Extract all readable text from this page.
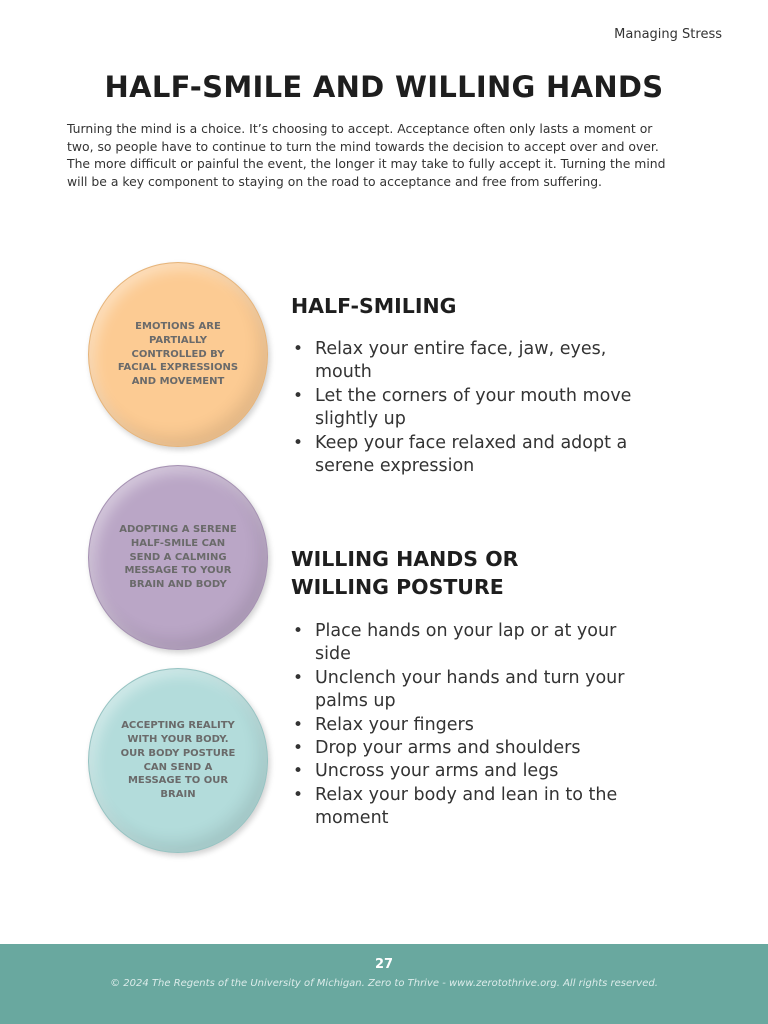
Managing Stress
HALF-SMILE AND WILLING HANDS

Turning the mind is a choice. It’s choosing to accept. Acceptance often only lasts a moment or two, so people have to continue to turn the mind towards the decision to accept over and over. The more difficult or painful the event, the longer it may take to fully accept it. Turning the mind will be a key component to staying on the road to acceptance and free from suffering.

EMOTIONS ARE PARTIALLY CONTROLLED BY FACIAL EXPRESSIONS AND MOVEMENT
ADOPTING A SERENE HALF-SMILE CAN SEND A CALMING MESSAGE TO YOUR BRAIN AND BODY
ACCEPTING REALITY WITH YOUR BODY. OUR BODY POSTURE CAN SEND A MESSAGE TO OUR BRAIN
HALF-SMILING
• Relax your entire face, jaw, eyes, mouth
• Let the corners of your mouth move slightly up
• Keep your face relaxed and adopt a serene expression
WILLING HANDS OR
WILLING POSTURE
• Place hands on your lap or at your side
• Unclench your hands and turn your palms up
• Relax your fingers
• Drop your arms and shoulders
• Uncross your arms and legs
• Relax your body and lean in to the moment
27
© 2024 The Regents of the University of Michigan. Zero to Thrive - www.zerotothrive.org. All rights reserved.
